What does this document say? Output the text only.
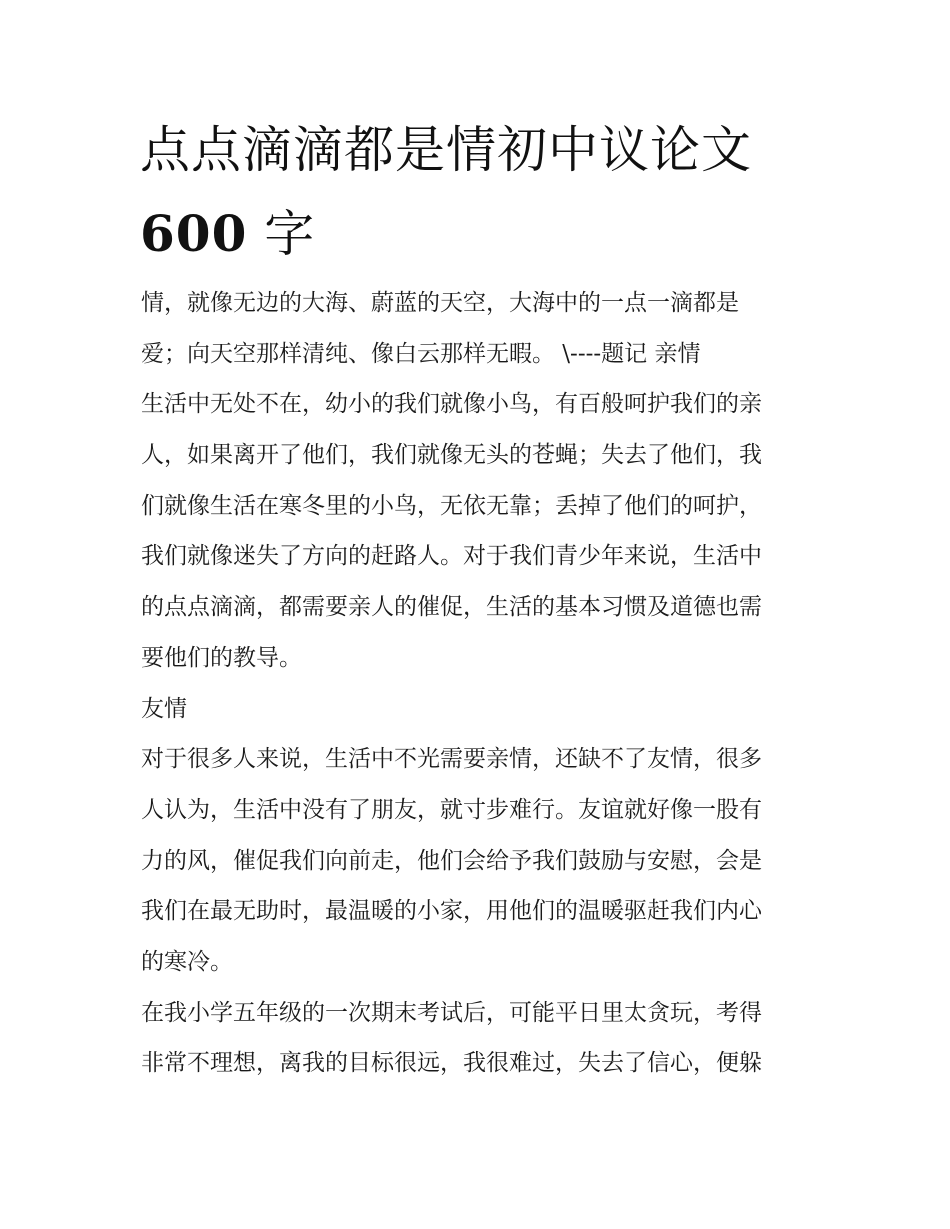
点点滴滴都是情初中议论文
600 字
情，就像无边的大海、蔚蓝的天空，大海中的一点一滴都是
爱；向天空那样清纯、像白云那样无暇。 \----题记 亲情
生活中无处不在，幼小的我们就像小鸟，有百般呵护我们的亲
人，如果离开了他们，我们就像无头的苍蝇；失去了他们，我
们就像生活在寒冬里的小鸟，无依无靠；丢掉了他们的呵护，
我们就像迷失了方向的赶路人。对于我们青少年来说，生活中
的点点滴滴，都需要亲人的催促，生活的基本习惯及道德也需
要他们的教导。
友情
对于很多人来说，生活中不光需要亲情，还缺不了友情，很多
人认为，生活中没有了朋友，就寸步难行。友谊就好像一股有
力的风，催促我们向前走，他们会给予我们鼓励与安慰，会是
我们在最无助时，最温暖的小家，用他们的温暖驱赶我们内心
的寒冷。
在我小学五年级的一次期末考试后，可能平日里太贪玩，考得
非常不理想，离我的目标很远，我很难过，失去了信心，便躲
